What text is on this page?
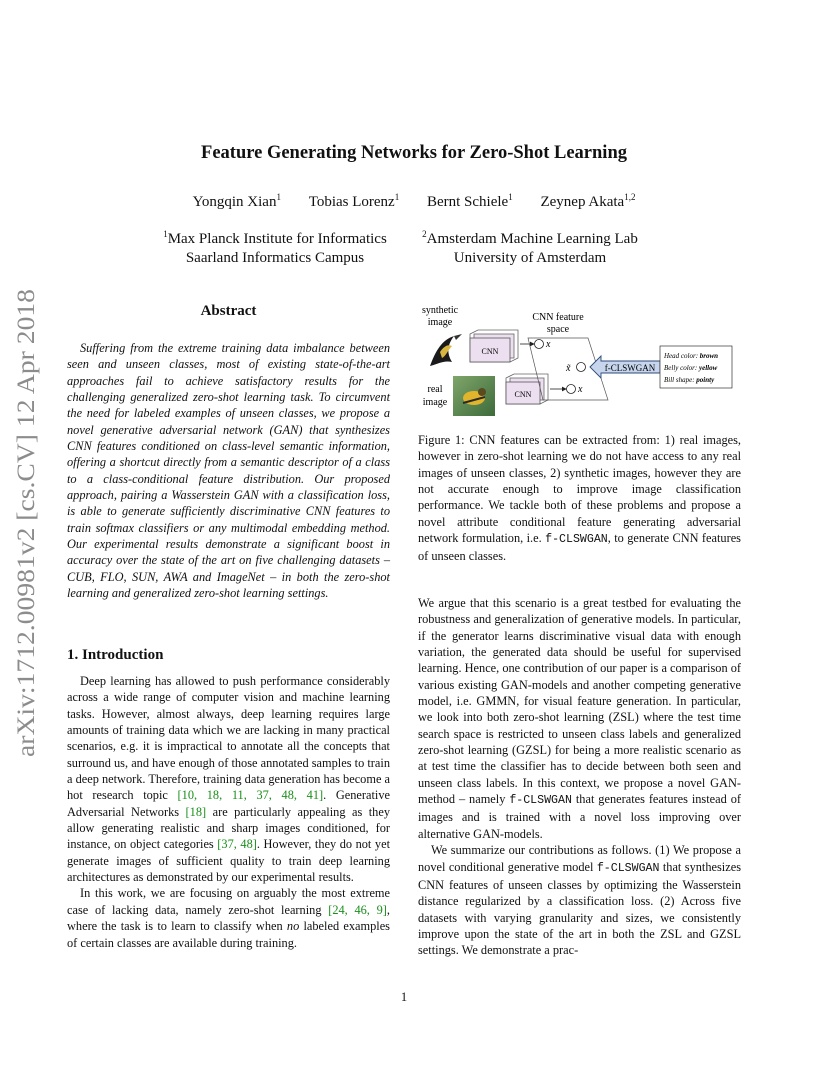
arXiv:1712.00981v2 [cs.CV] 12 Apr 2018
Feature Generating Networks for Zero-Shot Learning
Yongqin Xian$^1$ Tobias Lorenz$^1$ Bernt Schiele$^1$ Zeynep Akata$^{1,2}$
$^1$Max Planck Institute for Informatics
Saarland Informatics Campus
$^2$Amsterdam Machine Learning Lab
University of Amsterdam
Abstract
Suffering from the extreme training data imbalance between seen and unseen classes, most of existing state-of-the-art approaches fail to achieve satisfactory results for the challenging generalized zero-shot learning task. To circumvent the need for labeled examples of unseen classes, we propose a novel generative adversarial network (GAN) that synthesizes CNN features conditioned on class-level semantic information, offering a shortcut directly from a semantic descriptor of a class to a class-conditional feature distribution. Our proposed approach, pairing a Wasserstein GAN with a classification loss, is able to generate sufficiently discriminative CNN features to train softmax classifiers or any multimodal embedding method. Our experimental results demonstrate a significant boost in accuracy over the state of the art on five challenging datasets – CUB, FLO, SUN, AWA and ImageNet – in both the zero-shot learning and generalized zero-shot learning settings.
1. Introduction

Deep learning has allowed to push performance considerably across a wide range of computer vision and machine learning tasks. However, almost always, deep learning requires large amounts of training data which we are lacking in many practical scenarios, e.g. it is impractical to annotate all the concepts that surround us, and have enough of those annotated samples to train a deep network. Therefore, training data generation has become a hot research topic [10, 18, 11, 37, 48, 41]. Generative Adversarial Networks [18] are particularly appealing as they allow generating realistic and sharp images conditioned, for instance, on object categories [37, 48]. However, they do not yet generate images of sufficient quality to train deep learning architectures as demonstrated by our experimental results.

In this work, we are focusing on arguably the most extreme case of lacking data, namely zero-shot learning [24, 46, 9], where the task is to learn to classify when no labeled examples of certain classes are available during training.

synthetic
image
real
image
CNN
x
CNN	x
CNN feature
space
x̃	f-CLSWGAN
Head color: brown
Belly color: yellow
Bill shape: pointy
Figure 1: CNN features can be extracted from: 1) real images, however in zero-shot learning we do not have access to any real images of unseen classes, 2) synthetic images, however they are not accurate enough to improve image classification performance. We tackle both of these problems and propose a novel attribute conditional feature generating adversarial network formulation, i.e. f-CLSWGAN, to generate CNN features of unseen classes.

We argue that this scenario is a great testbed for evaluating the robustness and generalization of generative models. In particular, if the generator learns discriminative visual data with enough variation, the generated data should be useful for supervised learning. Hence, one contribution of our paper is a comparison of various existing GAN-models and another competing generative model, i.e. GMMN, for visual feature generation. In particular, we look into both zero-shot learning (ZSL) where the test time search space is restricted to unseen class labels and generalized zero-shot learning (GZSL) for being a more realistic scenario as at test time the classifier has to decide between both seen and unseen class labels. In this context, we propose a novel GAN-method – namely f-CLSWGAN that generates features instead of images and is trained with a novel loss improving over alternative GAN-models.

We summarize our contributions as follows. (1) We propose a novel conditional generative model f-CLSWGAN that synthesizes CNN features of unseen classes by optimizing the Wasserstein distance regularized by a classification loss. (2) Across five datasets with varying granularity and sizes, we consistently improve upon the state of the art in both the ZSL and GZSL settings. We demonstrate a prac-

1
